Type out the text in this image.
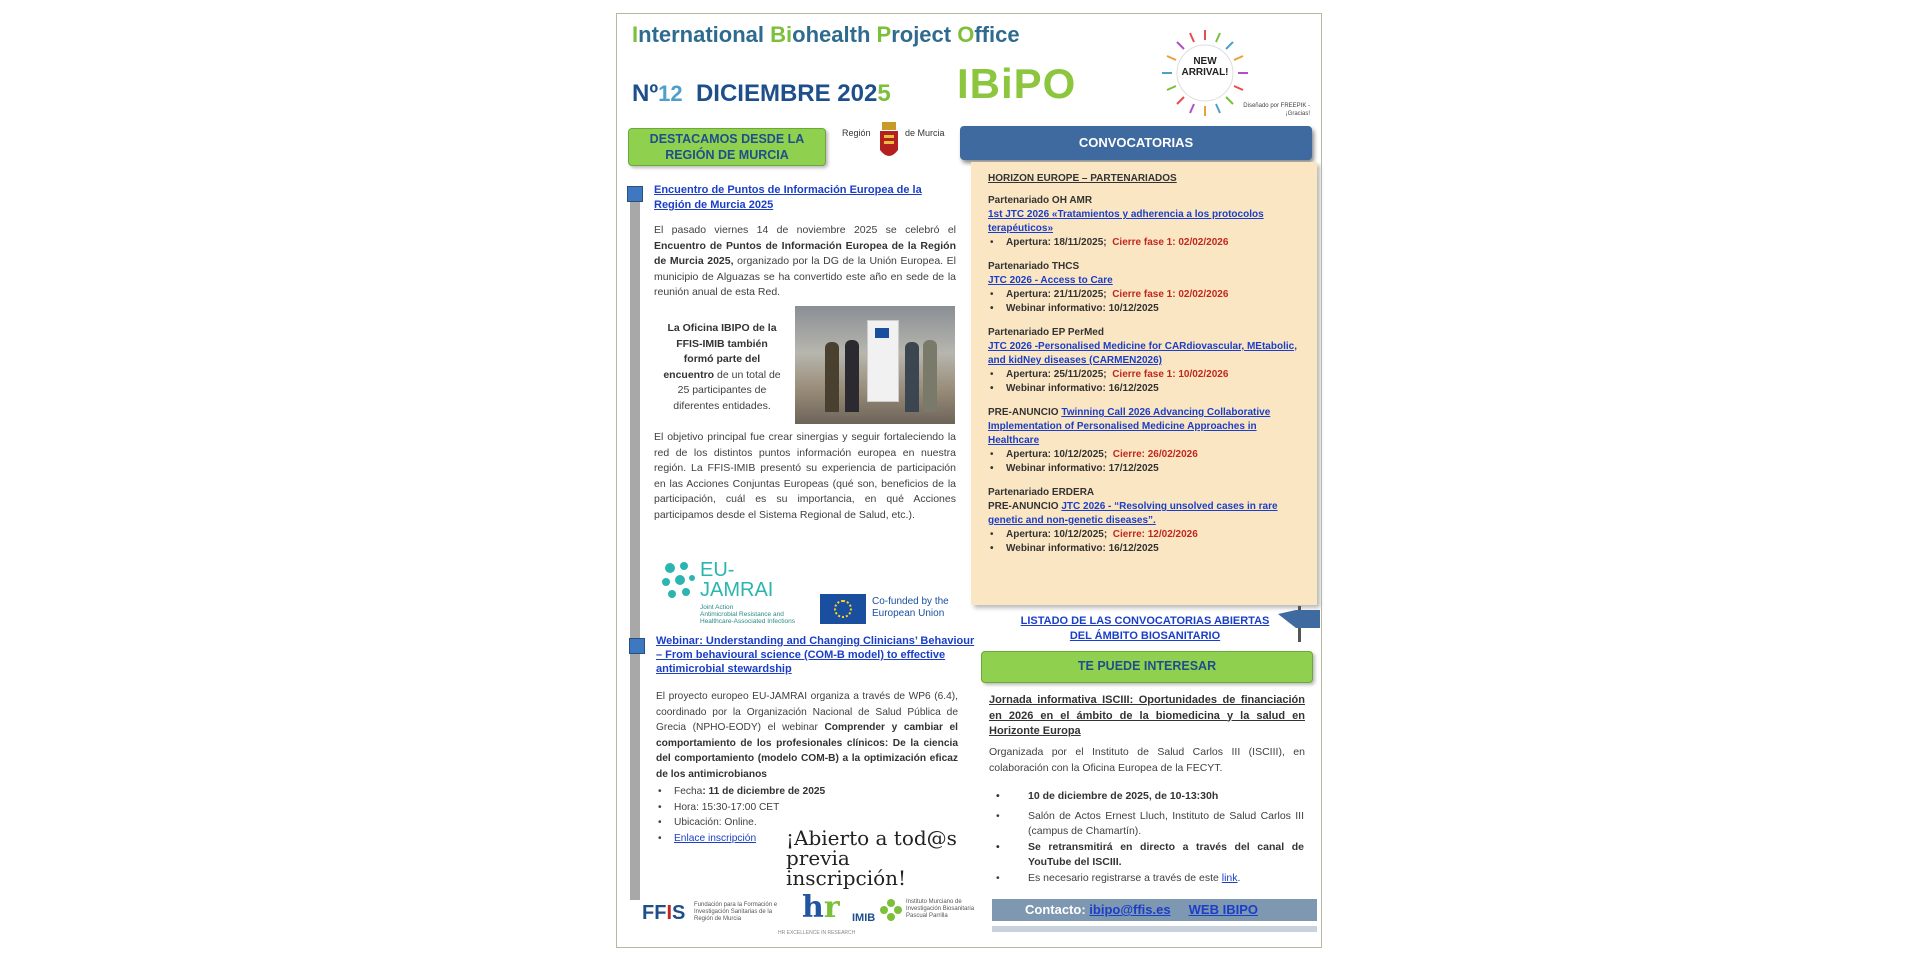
International Biohealth Project Office
Nº12 DICIEMBRE 2025 IBiPO	NEW ARRIVAL!
Diseñado por FREEPIK - ¡Gracias!
DESTACAMOS DESDE LA REGIÓN DE MURCIA
Región	de Murcia
Encuentro de Puntos de Información Europea de la Región de Murcia 2025
El pasado viernes 14 de noviembre 2025 se celebró el Encuentro de Puntos de Información Europea de la Región de Murcia 2025, organizado por la DG de la Unión Europea. El municipio de Alguazas se ha convertido este año en sede de la reunión anual de esta Red.
La Oficina IBIPO de la FFIS-IMIB también formó parte del encuentro de un total de 25 participantes de diferentes entidades.
El objetivo principal fue crear sinergias y seguir fortaleciendo la red de los distintos puntos información europea en nuestra región. La FFIS-IMIB presentó su experiencia de participación en las Acciones Conjuntas Europeas (qué son, beneficios de la participación, cuál es su importancia, en qué Acciones participamos desde el Sistema Regional de Salud, etc.).
EU-
JAMRAI
Joint Action
Antimicrobial Resistance and
Healthcare-Associated Infections
Co-funded by the European Union
Webinar: Understanding and Changing Clinicians’ Behaviour – From behavioural science (COM-B model) to effective antimicrobial stewardship
El proyecto europeo EU-JAMRAI organiza a través de WP6 (6.4), coordinado por la Organización Nacional de Salud Pública de Grecia (NPHO-EODY) el webinar Comprender y cambiar el comportamiento de los profesionales clínicos: De la ciencia del comportamiento (modelo COM-B) a la optimización eficaz de los antimicrobianos
• Fecha: 11 de diciembre de 2025
• Hora: 15:30-17:00 CET
• Ubicación: Online.
• Enlace inscripción	¡Abierto a tod@s
previa inscripción!
FFIS Fundación para la Formación e Investigación Sanitarias de la Región de Murcia	hr
HR EXCELLENCE IN RESEARCH
IMIB
Instituto Murciano de Investigación Biosanitaria Pascual Parrilla
CONVOCATORIAS
HORIZON EUROPE – PARTENARIADOS
Partenariado OH AMR
1st JTC 2026 «Tratamientos y adherencia a los protocolos terapéuticos»
• Apertura: 18/11/2025; Cierre fase 1: 02/02/2026
Partenariado THCS
JTC 2026 - Access to Care
• Apertura: 21/11/2025; Cierre fase 1: 02/02/2026
• Webinar informativo: 10/12/2025
Partenariado EP PerMed
JTC 2026 -Personalised Medicine for CARdiovascular, MEtabolic, and kidNey diseases (CARMEN2026)
• Apertura: 25/11/2025; Cierre fase 1: 10/02/2026
• Webinar informativo: 16/12/2025
PRE-ANUNCIO Twinning Call 2026 Advancing Collaborative Implementation of Personalised Medicine Approaches in Healthcare
• Apertura: 10/12/2025; Cierre: 26/02/2026
• Webinar informativo: 17/12/2025
Partenariado ERDERA
PRE-ANUNCIO JTC 2026 - “Resolving unsolved cases in rare genetic and non-genetic diseases”.
• Apertura: 10/12/2025; Cierre: 12/02/2026
• Webinar informativo: 16/12/2025
LISTADO DE LAS CONVOCATORIAS ABIERTAS DEL ÁMBITO BIOSANITARIO
TE PUEDE INTERESAR
Jornada informativa ISCIII: Oportunidades de financiación en 2026 en el ámbito de la biomedicina y la salud en Horizonte Europa
Organizada por el Instituto de Salud Carlos III (ISCIII), en colaboración con la Oficina Europea de la FECYT.
• 10 de diciembre de 2025, de 10-13:30h
• Salón de Actos Ernest Lluch, Instituto de Salud Carlos III (campus de Chamartín).
• Se retransmitirá en directo a través del canal de YouTube del ISCIII.
• Es necesario registrarse a través de este link.
Contacto: ibipo@ffis.es WEB IBIPO
